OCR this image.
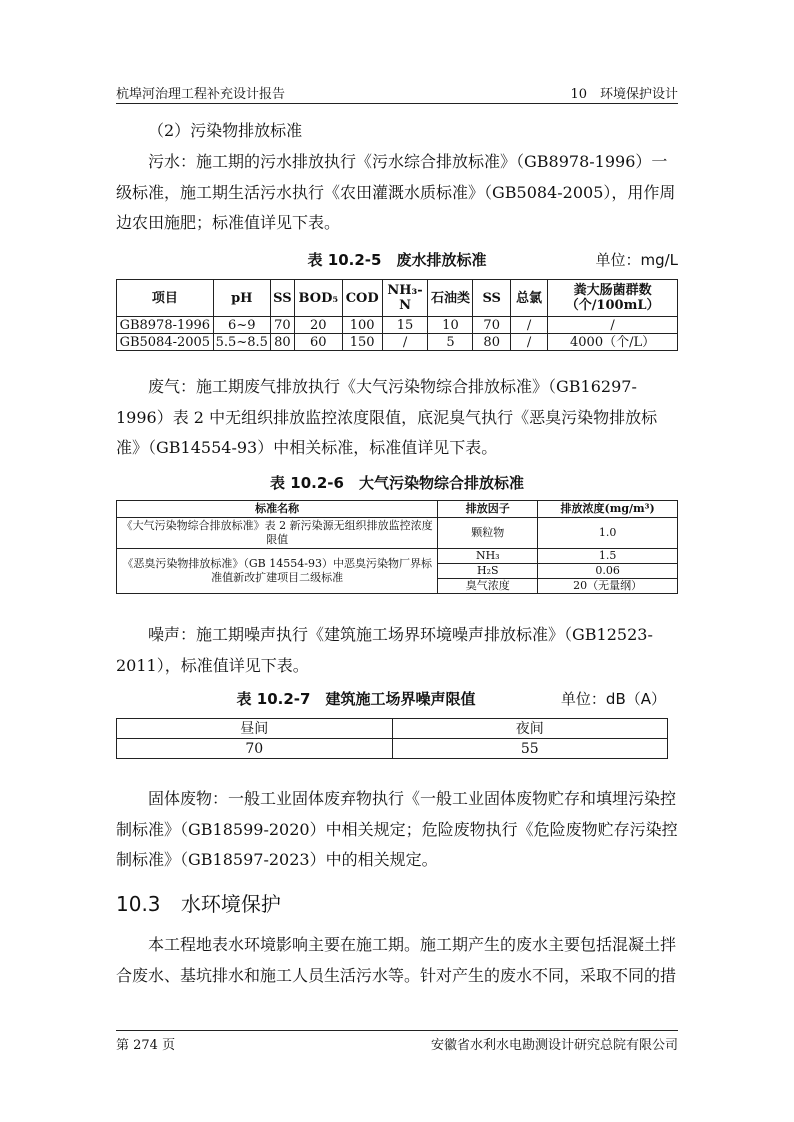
杭埠河治理工程补充设计报告	10　环境保护设计

（2）污染物排放标准

污水：施工期的污水排放执行《污水综合排放标准》（GB8978-1996）一级标准，施工期生活污水执行《农田灌溉水质标准》（GB5084-2005），用作周边农田施肥；标准值详见下表。

表 10.2-5　废水排放标准	单位：mg/L
项目	pH	SS	BOD₅	COD	NH₃-N	石油类	SS	总氯	粪大肠菌群数（个/100mL）
GB8978-1996	6~9	70	20	100	15	10	70	/	/
GB5084-2005	5.5~8.5	80	60	150	/	5	80	/	4000（个/L）

废气：施工期废气排放执行《大气污染物综合排放标准》（GB16297-1996）表 2 中无组织排放监控浓度限值，底泥臭气执行《恶臭污染物排放标准》（GB14554-93）中相关标准，标准值详见下表。

表 10.2-6　大气污染物综合排放标准
标准名称	排放因子	排放浓度(mg/m³)
《大气污染物综合排放标准》表 2 新污染源无组织排放监控浓度限值	颗粒物	1.0
《恶臭污染物排放标准》（GB 14554-93）中恶臭污染物厂界标准值新改扩建项目二级标准	NH₃	1.5
	H₂S	0.06
	臭气浓度	20（无量纲）

噪声：施工期噪声执行《建筑施工场界环境噪声排放标准》（GB12523-2011），标准值详见下表。

表 10.2-7　建筑施工场界噪声限值	单位：dB（A）
昼间	夜间
70	55

固体废物：一般工业固体废弃物执行《一般工业固体废物贮存和填埋污染控制标准》（GB18599-2020）中相关规定；危险废物执行《危险废物贮存污染控制标准》（GB18597-2023）中的相关规定。

10.3 水环境保护

本工程地表水环境影响主要在施工期。施工期产生的废水主要包括混凝土拌合废水、基坑排水和施工人员生活污水等。针对产生的废水不同，采取不同的措

第 274 页	安徽省水利水电勘测设计研究总院有限公司
